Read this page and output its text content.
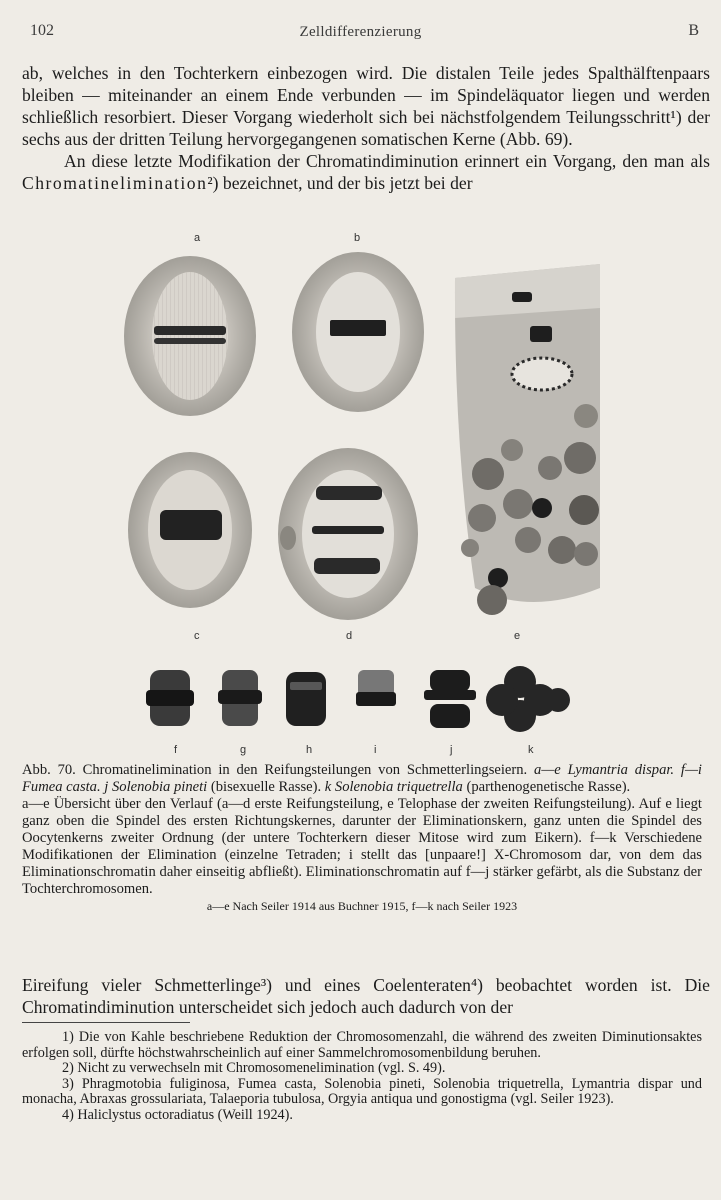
102	Zelldifferenzierung	B

ab, welches in den Tochterkern einbezogen wird. Die distalen Teile jedes Spalthälftenpaars bleiben — miteinander an einem Ende verbunden — im Spindeläquator liegen und werden schließlich resorbiert. Dieser Vorgang wiederholt sich bei nächstfolgendem Teilungsschritt¹) der sechs aus der dritten Teilung hervorgegangenen somatischen Kerne (Abb. 69).

An diese letzte Modifikation der Chromatindiminution erinnert ein Vorgang, den man als Chromatinelimination²) bezeichnet, und der bis jetzt bei der

a	b
c	d	e
f	g	h	i	j	k

Abb. 70. Chromatinelimination in den Reifungsteilungen von Schmetterlingseiern. a—e Lymantria dispar. f—i Fumea casta. j Solenobia pineti (bisexuelle Rasse). k Solenobia triquetrella (parthenogenetische Rasse).

a—e Übersicht über den Verlauf (a—d erste Reifungsteilung, e Telophase der zweiten Reifungsteilung). Auf e liegt ganz oben die Spindel des ersten Richtungskernes, darunter der Eliminationskern, ganz unten die Spindel des Oocytenkerns zweiter Ordnung (der untere Tochterkern dieser Mitose wird zum Eikern). f—k Verschiedene Modifikationen der Elimination (einzelne Tetraden; i stellt das [unpaare!] X-Chromosom dar, von dem das Eliminationschromatin daher einseitig abfließt). Eliminationschromatin auf f—j stärker gefärbt, als die Substanz der Tochterchromosomen.

a—e Nach Seiler 1914 aus Buchner 1915, f—k nach Seiler 1923

Eireifung vieler Schmetterlinge³) und eines Coelenteraten⁴) beobachtet worden ist. Die Chromatindiminution unterscheidet sich jedoch auch dadurch von der

1) Die von Kahle beschriebene Reduktion der Chromosomenzahl, die während des zweiten Diminutionsaktes erfolgen soll, dürfte höchstwahrscheinlich auf einer Sammelchromosomenbildung beruhen.

2) Nicht zu verwechseln mit Chromosomenelimination (vgl. S. 49).

3) Phragmotobia fuliginosa, Fumea casta, Solenobia pineti, Solenobia triquetrella, Lymantria dispar und monacha, Abraxas grossulariata, Talaeporia tubulosa, Orgyia antiqua und gonostigma (vgl. Seiler 1923).

4) Haliclystus octoradiatus (Weill 1924).
